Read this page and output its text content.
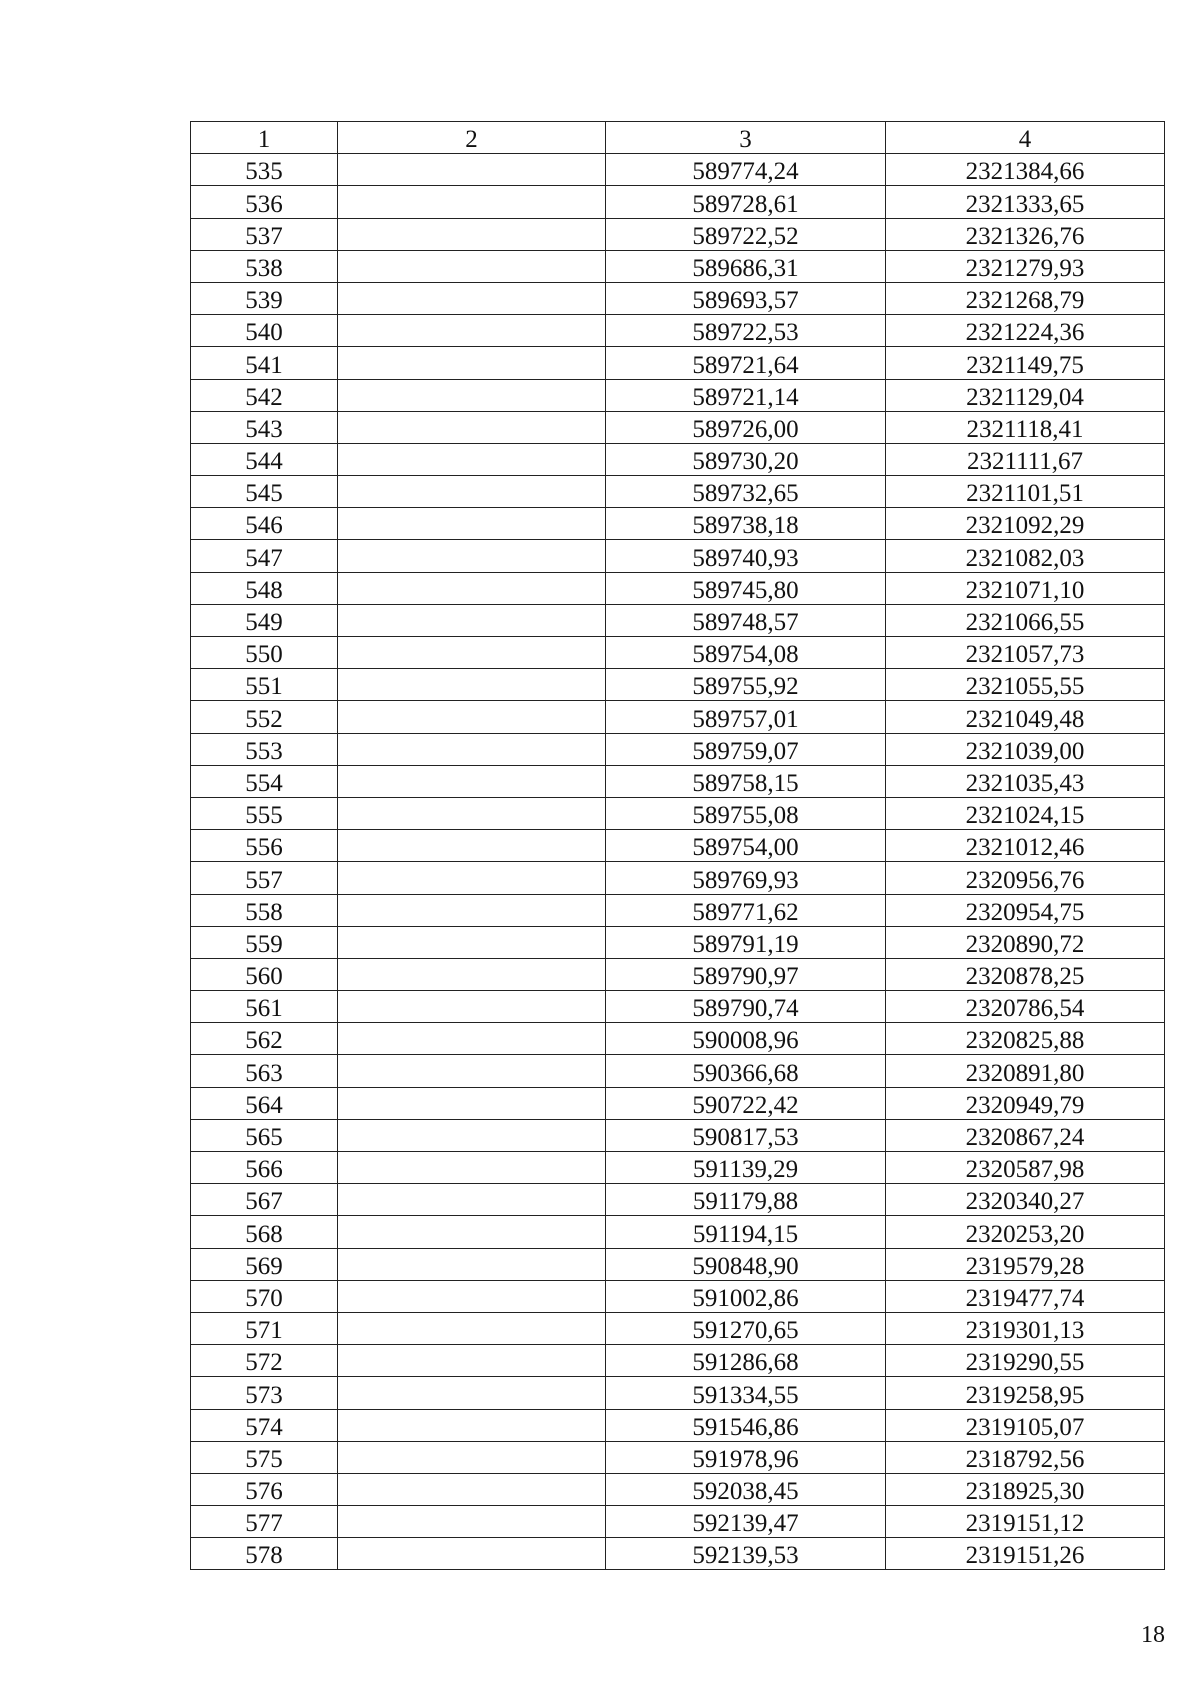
1	2	3	4
535		589774,24	2321384,66
536		589728,61	2321333,65
537		589722,52	2321326,76
538		589686,31	2321279,93
539		589693,57	2321268,79
540		589722,53	2321224,36
541		589721,64	2321149,75
542		589721,14	2321129,04
543		589726,00	2321118,41
544		589730,20	2321111,67
545		589732,65	2321101,51
546		589738,18	2321092,29
547		589740,93	2321082,03
548		589745,80	2321071,10
549		589748,57	2321066,55
550		589754,08	2321057,73
551		589755,92	2321055,55
552		589757,01	2321049,48
553		589759,07	2321039,00
554		589758,15	2321035,43
555		589755,08	2321024,15
556		589754,00	2321012,46
557		589769,93	2320956,76
558		589771,62	2320954,75
559		589791,19	2320890,72
560		589790,97	2320878,25
561		589790,74	2320786,54
562		590008,96	2320825,88
563		590366,68	2320891,80
564		590722,42	2320949,79
565		590817,53	2320867,24
566		591139,29	2320587,98
567		591179,88	2320340,27
568		591194,15	2320253,20
569		590848,90	2319579,28
570		591002,86	2319477,74
571		591270,65	2319301,13
572		591286,68	2319290,55
573		591334,55	2319258,95
574		591546,86	2319105,07
575		591978,96	2318792,56
576		592038,45	2318925,30
577		592139,47	2319151,12
578		592139,53	2319151,26
18
